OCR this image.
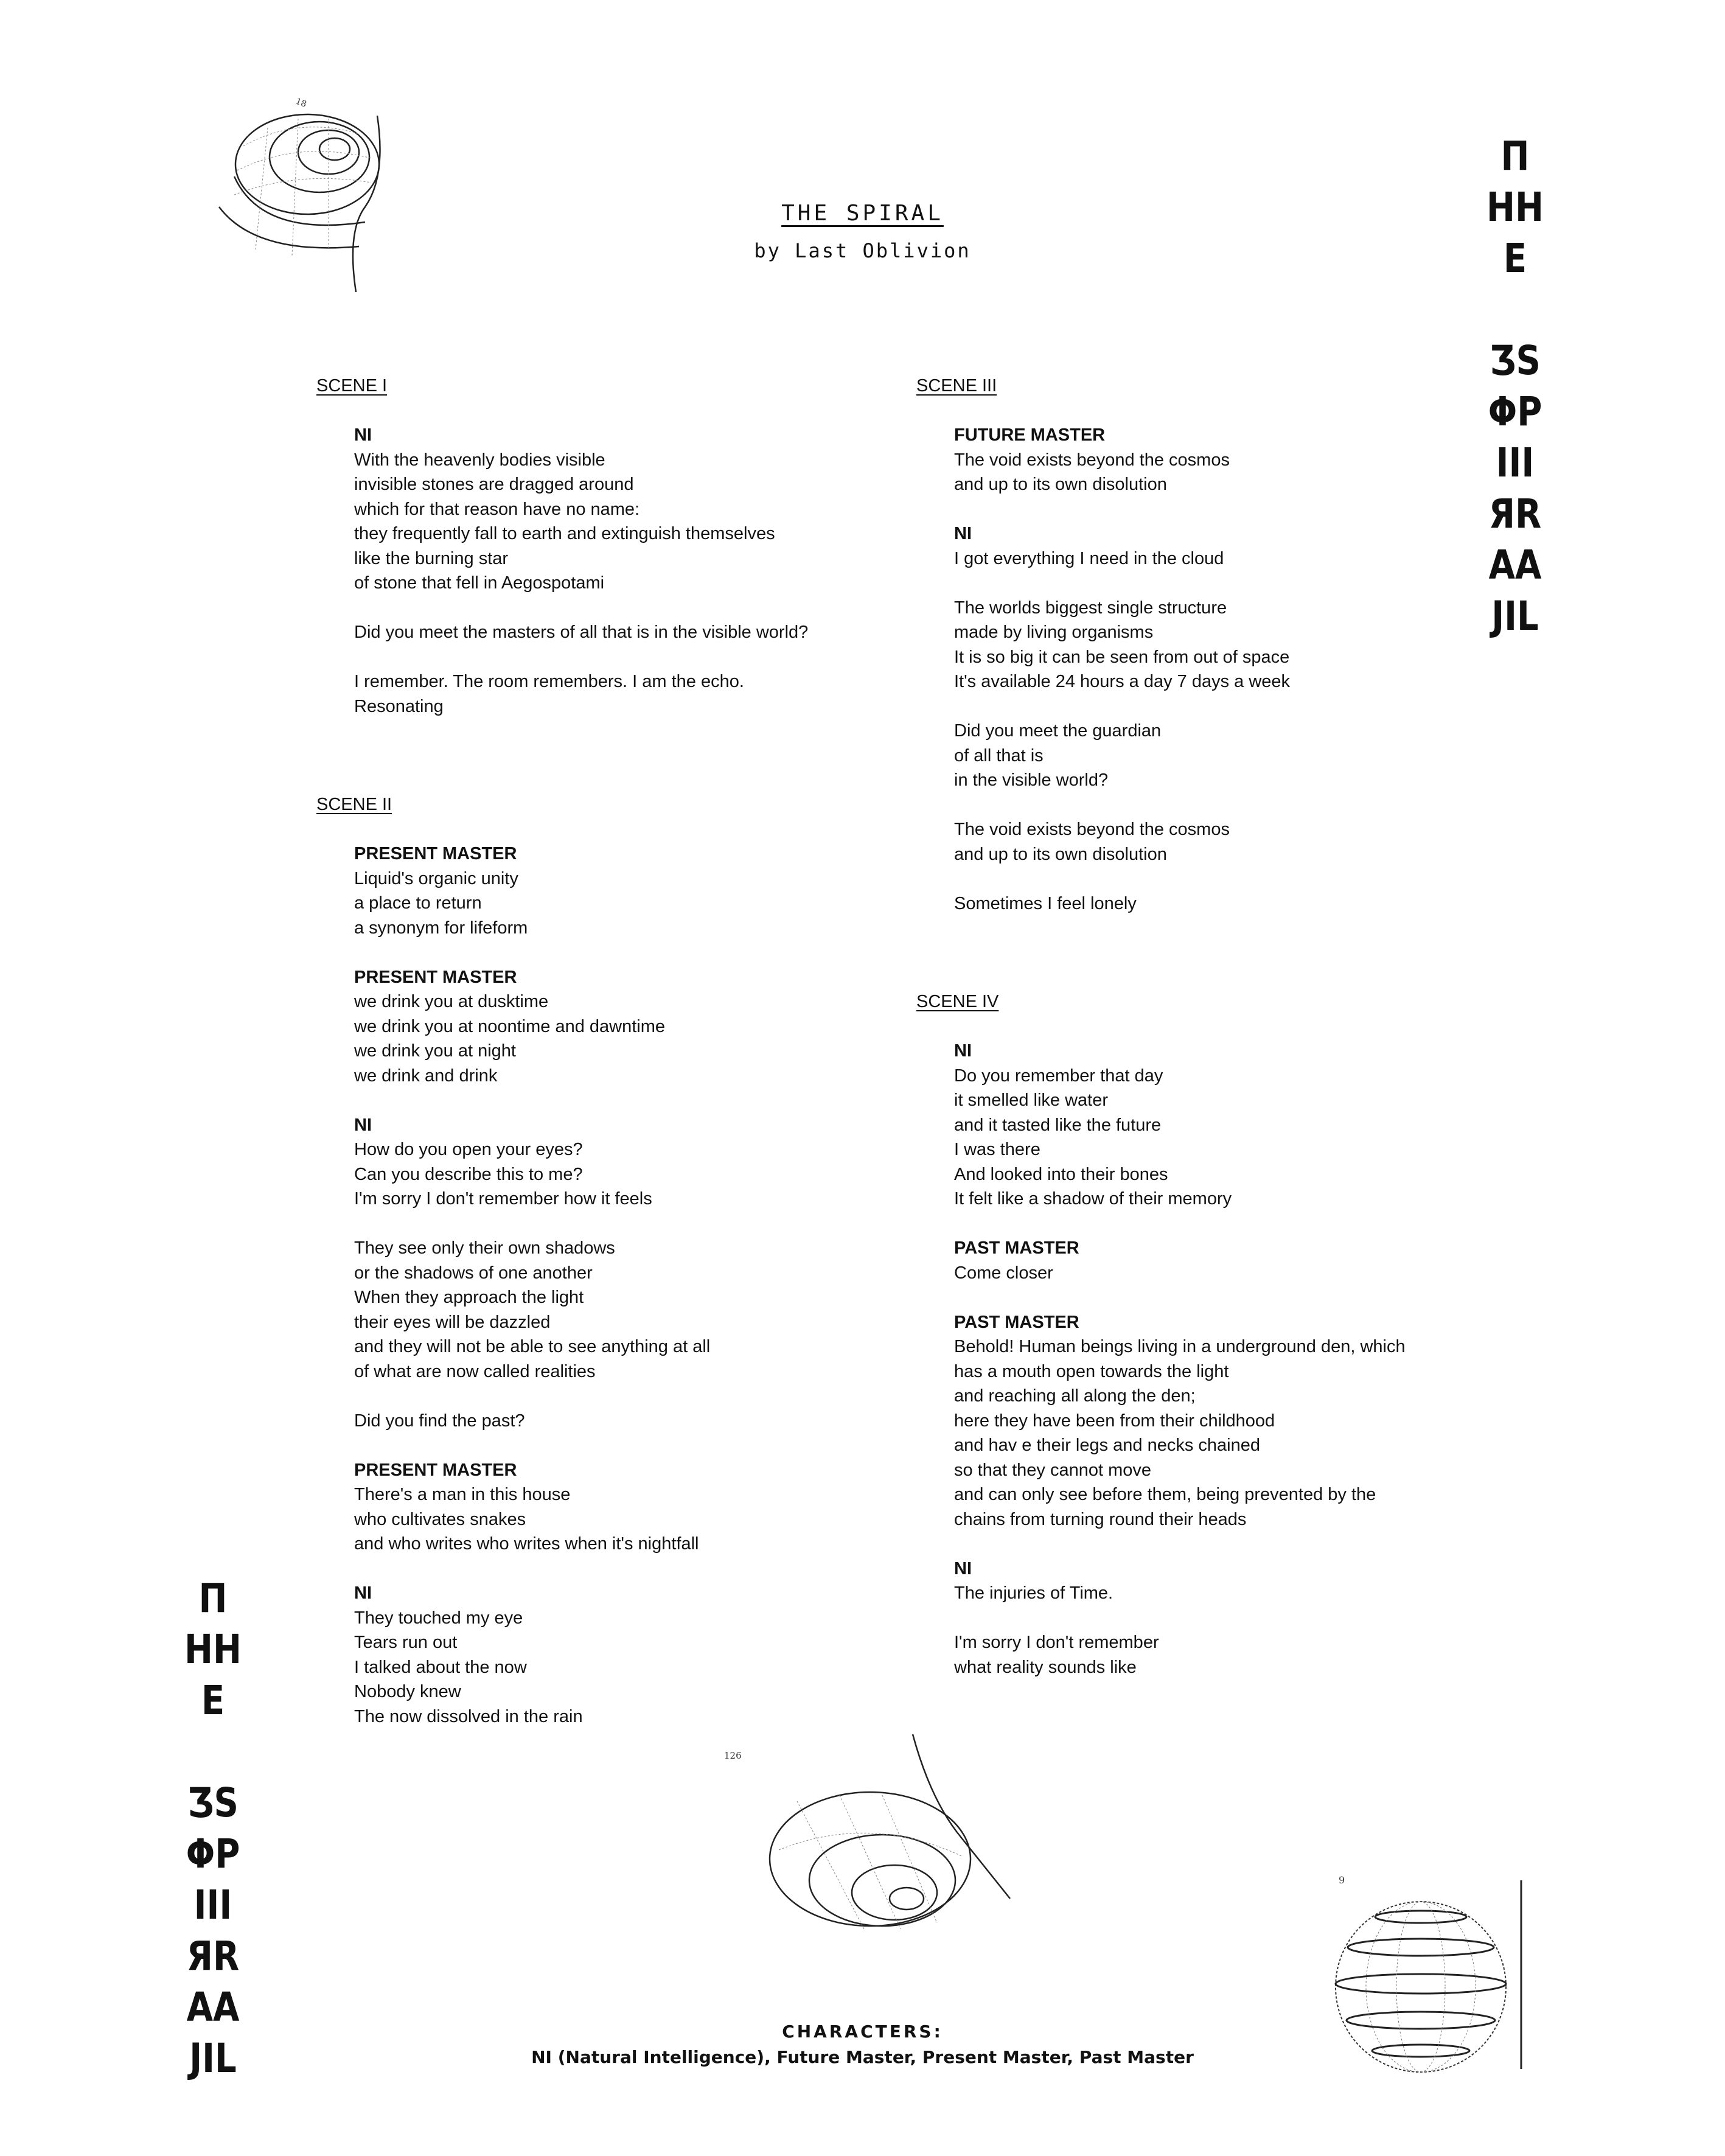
THE SPIRAL
by Last Oblivion
SCENE I
NI
With the heavenly bodies visible
invisible stones are dragged around
which for that reason have no name:
they frequently fall to earth and extinguish themselves
like the burning star
of stone that fell in Aegospotami
Did you meet the masters of all that is in the visible world?
I remember. The room remembers. I am the echo.
Resonating
SCENE II
PRESENT MASTER
Liquid's organic unity
a place to return
a synonym for lifeform
PRESENT MASTER
we drink you at dusktime
we drink you at noontime and dawntime
we drink you at night
we drink and drink
NI
How do you open your eyes?
Can you describe this to me?
I'm sorry I don't remember how it feels
They see only their own shadows
or the shadows of one another
When they approach the light
their eyes will be dazzled
and they will not be able to see anything at all
of what are now called realities
Did you find the past?
PRESENT MASTER
There's a man in this house
who cultivates snakes
and who writes who writes when it's nightfall
NI
They touched my eye
Tears run out
I talked about the now
Nobody knew
The now dissolved in the rain
SCENE III
FUTURE MASTER
The void exists beyond the cosmos
and up to its own disolution
NI
I got everything I need in the cloud
The worlds biggest single structure
made by living organisms
It is so big it can be seen from out of space
It's available 24 hours a day 7 days a week
Did you meet the guardian
of all that is
in the visible world?
The void exists beyond the cosmos
and up to its own disolution
Sometimes I feel lonely
SCENE IV
NI
Do you remember that day
it smelled like water
and it tasted like the future
I was there
And looked into their bones
It felt like a shadow of their memory
PAST MASTER
Come closer
PAST MASTER
Behold! Human beings living in a underground den, which
has a mouth open towards the light
and reaching all along the den;
here they have been from their childhood
and hav e their legs and necks chained
so that they cannot move
and can only see before them, being prevented by the
chains from turning round their heads
NI
The injuries of Time.
I'm sorry I don't remember
what reality sounds like
CHARACTERS:
NI (Natural Intelligence), Future Master, Present Master, Past Master
18
126
9
Π
ΗΗ
Ε

ƷS
ΦP
ΙΙΙ
ЯR
ΑΑ
JΙL
Π
ΗΗ
Ε

ƷS
ΦP
ΙΙΙ
ЯR
ΑΑ
JΙL
